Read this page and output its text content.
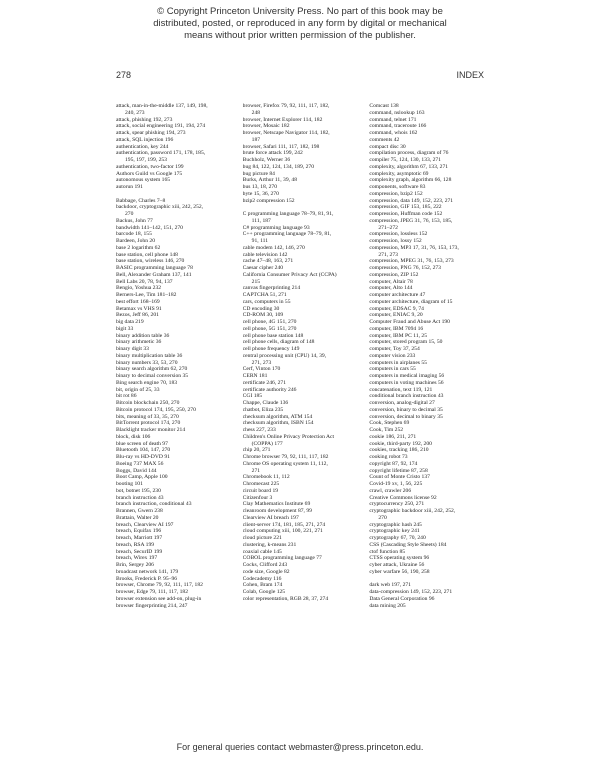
© Copyright Princeton University Press. No part of this book may be
distributed, posted, or reproduced in any form by digital or mechanical
means without prior written permission of the publisher.
278	INDEX
attack, man-in-the-middle 137, 149, 198,
240, 273
attack, phishing 192, 273
attack, social engineering 191, 194, 274
attack, spear phishing 194, 273
attack, SQL injection 196
authentication, key 244
authentication, password 171, 178, 185,
195, 197, 199, 253
authentication, two-factor 199
Authors Guild vs Google 175
autonomous system 165
autorun 191
Babbage, Charles 7–8
backdoor, cryptographic xiii, 242, 252,
270
Backus, John 77
bandwidth 141–142, 151, 270
barcode 18, 155
Bardeen, John 20
base 2 logarithm 62
base station, cell phone 148
base station, wireless 146, 270
BASIC programming language 78
Bell, Alexander Graham 137, 141
Bell Labs 20, 78, 94, 137
Bengio, Yoshua 232
Berners-Lee, Tim 181–182
best effort 168–169
Betamax vs VHS 91
Bezos, Jeff 86, 201
big data 219
bigit 33
binary addition table 36
binary arithmetic 36
binary digit 33
binary multiplication table 36
binary numbers 33, 53, 270
binary search algorithm 62, 270
binary to decimal conversion 35
Bing search engine 70, 183
bit, origin of 25, 33
bit rot 86
Bitcoin blockchain 250, 270
Bitcoin protocol 174, 195, 250, 270
bits, meaning of 33, 35, 270
BitTorrent protocol 174, 270
Blacklight tracker monitor 214
block, disk 106
blue screen of death 97
Bluetooth 104, 147, 270
Blu-ray vs HD-DVD 91
Boeing 737 MAX 56
Boggs, David 144
Boot Camp, Apple 100
booting 101
bot, botnet 195, 230
branch instruction 43
branch instruction, conditional 43
Brannen, Gwern 238
Brattain, Walter 20
breach, Clearview AI 197
breach, Equifax 196
breach, Marriott 197
breach, RSA 199
breach, SecurID 199
breach, Wirex 197
Brin, Sergey 206
broadcast network 141, 179
Brooks, Frederick P. 95–96
browser, Chrome 79, 92, 111, 117, 182
browser, Edge 79, 111, 117, 182
browser extension see add-on, plug-in
browser fingerprinting 214, 247
browser, Firefox 79, 92, 111, 117, 182,
248
browser, Internet Explorer 114, 182
browser, Mosaic 182
browser, Netscape Navigator 114, 182,
187
browser, Safari 111, 117, 182, 198
brute force attack 199, 242
Buchholz, Werner 36
bug 84, 122, 124, 134, 189, 270
bug picture 84
Burks, Arthur 11, 39, 48
bus 13, 18, 270
byte 15, 36, 270
bzip2 compression 152
C programming language 78–79, 81, 91,
111, 187
C# programming language 93
C++ programming language 78–79, 81,
91, 111
cable modem 142, 146, 270
cable television 142
cache 47–48, 163, 271
Caesar cipher 240
California Consumer Privacy Act (CCPA)
215
canvas fingerprinting 214
CAPTCHA 51, 271
cars, computers in 55
CD encoding 30
CD-ROM 30, 109
cell phone, 4G 151, 270
cell phone, 5G 151, 270
cell phone base station 148
cell phone cells, diagram of 148
cell phone frequency 149
central processing unit (CPU) 14, 39,
271, 273
Cerf, Vinton 170
CERN 181
certificate 246, 271
certificate authority 246
CGI 185
Chappe, Claude 136
chatbot, Eliza 235
checksum algorithm, ATM 154
checksum algorithm, ISBN 154
chess 227, 233
Children's Online Privacy Protection Act
(COPPA) 177
chip 20, 271
Chrome browser 79, 92, 111, 117, 182
Chrome OS operating system 11, 112,
271
Chromebook 11, 112
Chromecast 225
circuit board 19
Citizenfour 3
Clay Mathematics Institute 69
cleanroom development 87, 99
Clearview AI breach 197
client-server 174, 181, 185, 271, 274
cloud computing xiii, 100, 221, 271
cloud picture 221
clustering, k-means 231
coaxial cable 145
COBOL programming language 77
Cocks, Clifford 243
code size, Google 82
Codecademy 116
Cohen, Bram 174
Colab, Google 125
color representation, RGB 28, 37, 274
Comcast 138
command, nslookup 163
command, telnet 171
command, traceroute 166
command, whois 162
comments 42
compact disc 30
compilation process, diagram of 76
compiler 75, 124, 130, 133, 271
complexity, algorithm 67, 133, 271
complexity, asymptotic 69
complexity graph, algorithm 66, 128
components, software 83
compression, bzip2 152
compression, data 149, 152, 223, 271
compression, GIF 153, 185, 222
compression, Huffman code 152
compression, JPEG 31, 76, 153, 185,
271–272
compression, lossless 152
compression, lossy 152
compression, MP3 17, 31, 76, 153, 173,
271, 273
compression, MPEG 31, 76, 153, 273
compression, PNG 76, 152, 273
compression, ZIP 152
computer, Altair 78
computer, Alto 144
computer architecture 47
computer architecture, diagram of 15
computer, EDSAC 9, 74
computer, ENIAC 9, 20
Computer Fraud and Abuse Act 190
computer, IBM 7094 16
computer, IBM PC 11, 25
computer, stored program 15, 50
computer, Toy 37, 254
computer vision 233
computers in airplanes 55
computers in cars 55
computers in medical imaging 56
computers in voting machines 56
concatenation, text 119, 121
conditional branch instruction 43
conversion, analog-digital 27
conversion, binary to decimal 35
conversion, decimal to binary 35
Cook, Stephen 69
Cook, Tim 252
cookie 186, 211, 271
cookie, third-party 192, 200
cookies, tracking 186, 210
cooking robot 73
copyright 87, 92, 174
copyright lifetime 87, 258
Count of Monte Cristo 137
Covid-19 xv, 1, 56, 225
crawl, crawler 206
Creative Commons license 92
cryptocurrency 250, 271
cryptographic backdoor xiii, 242, 252,
270
cryptographic hash 245
cryptographic key 241
cryptography 67, 70, 240
CSS (Cascading Style Sheets) 184
ctof function 85
CTSS operating system 96
cyber attack, Ukraine 56
cyber warfare 56, 190, 258
dark web 197, 271
data-compression 149, 152, 223, 271
Data General Corporation 96
data mining 205
For general queries contact webmaster@press.princeton.edu.
